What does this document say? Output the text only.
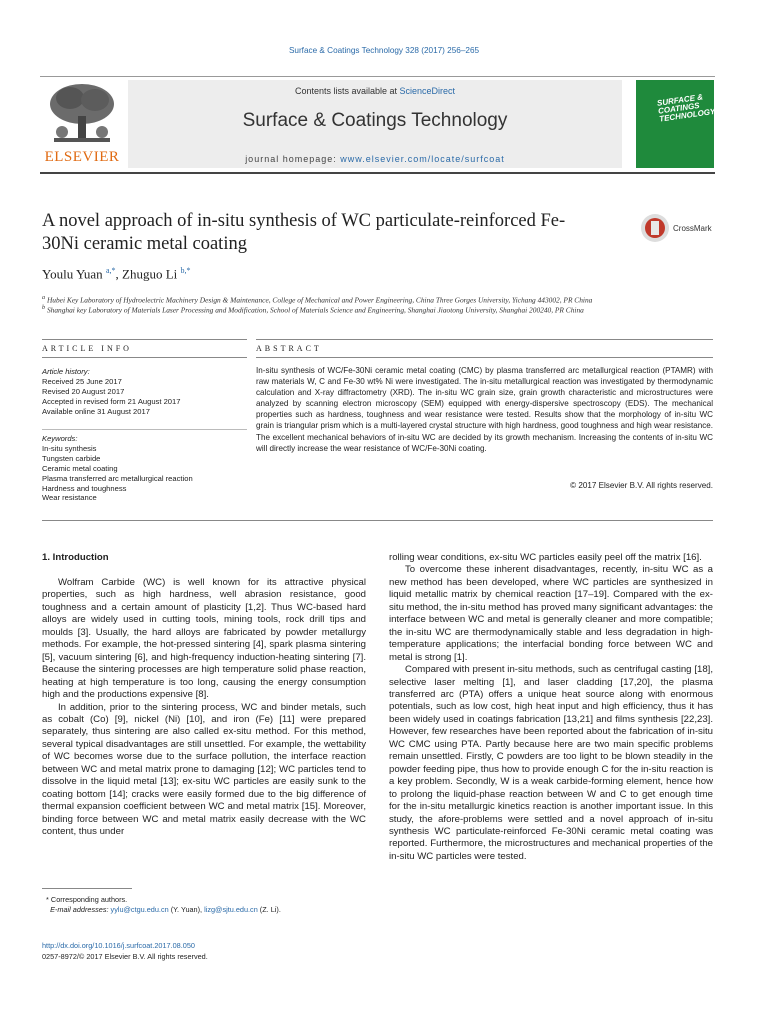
Surface & Coatings Technology 328 (2017) 256–265
ELSEVIER
Contents lists available at ScienceDirect
Surface & Coatings Technology
journal homepage: www.elsevier.com/locate/surfcoat
SURFACE & COATINGS TECHNOLOGY
A novel approach of in-situ synthesis of WC particulate-reinforced Fe-30Ni ceramic metal coating
CrossMark
Youlu Yuan $^{a,*}$, Zhuguo Li $^{b,*}$
$^a$ Hubei Key Laboratory of Hydroelectric Machinery Design & Maintenance, College of Mechanical and Power Engineering, China Three Gorges University, Yichang 443002, PR China
$^b$ Shanghai key Laboratory of Materials Laser Processing and Modification, School of Materials Science and Engineering, Shanghai Jiaotong University, Shanghai 200240, PR China
ARTICLE INFO	ABSTRACT
Article history:
Received 25 June 2017
Revised 20 August 2017
Accepted in revised form 21 August 2017
Available online 31 August 2017
Keywords:
In-situ synthesis
Tungsten carbide
Ceramic metal coating
Plasma transferred arc metallurgical reaction
Hardness and toughness
Wear resistance
In-situ synthesis of WC/Fe-30Ni ceramic metal coating (CMC) by plasma transferred arc metallurgical reaction (PTAMR) with raw materials W, C and Fe-30 wt% Ni were investigated. The in-situ metallurgical reaction was investigated by thermodynamic calculation and X-ray diffractometry (XRD). The in-situ WC grain size, grain growth characteristic and microstructures were analyzed by scanning electron microscopy (SEM) equipped with energy-dispersive spectroscopy (EDS). The mechanical properties such as hardness, toughness and wear resistance were tested. Results show that the morphology of in-situ WC grain is triangular prism which is a multi-layered crystal structure with high hardness, good toughness and high wear resistance. The excellent mechanical behaviors of in-situ WC are decided by its growth mechanism. Increasing the contents of in-situ WC will directly increase the wear resistance of WC/Fe-30Ni coating.
© 2017 Elsevier B.V. All rights reserved.
1. Introduction

Wolfram Carbide (WC) is well known for its attractive physical properties, such as high hardness, well abrasion resistance, good toughness and a certain amount of plasticity [1,2]. Thus WC-based hard alloys are widely used in cutting tools, mining tools, rock drill tips and moulds [3]. Usually, the hard alloys are fabricated by powder metallurgy methods. For example, the hot-pressed sintering [4], spark plasma sintering [5], vacuum sintering [6], and high-frequency induction-heating sintering [7]. Because the sintering processes are high temperature solid phase reaction, heating at high temperature is too long, causing the energy consumption high and the productions expensive [8].

In addition, prior to the sintering process, WC and binder metals, such as cobalt (Co) [9], nickel (Ni) [10], and iron (Fe) [11] were prepared separately, thus sintering are also called ex-situ method. For this method, several typical disadvantages are still unsettled. For example, the wettability of WC becomes worse due to the surface pollution, the interface reaction between WC and metal matrix prone to damaging [12]; WC particles tend to dissolve in the liquid metal [13]; ex-situ WC particles are easily sunk to the coating bottom [14]; cracks were easily formed due to the big difference of thermal expansion coefficient between WC and metal matrix [15]. Moreover, binding force between WC and metal matrix easily decrease with the WC content, thus under

rolling wear conditions, ex-situ WC particles easily peel off the matrix [16].

To overcome these inherent disadvantages, recently, in-situ WC as a new method has been developed, where WC particles are synthesized in liquid metallic matrix by chemical reaction [17–19]. Compared with the ex-situ method, the in-situ method has proved many significant advantages: the interface between WC and metal is generally cleaner and more compatible; the in-situ WC are thermodynamically stable and less degradation in high-temperature applications; the interfacial bonding force between WC and metal is strong [1].

Compared with present in-situ methods, such as centrifugal casting [18], selective laser melting [1], and laser cladding [17,20], the plasma transferred arc (PTA) offers a unique heat source along with enormous potentials, such as low cost, high heat input and high efficiency, thus it has been widely used in coatings fabrication [13,21] and films synthesis [22,23]. However, few researches have been reported about the fabrication of in-situ WC CMC using PTA. Partly because here are two main specific problems remain unsettled. Firstly, C powders are too light to be blown steadily in the powder feeding pipe, thus how to provide enough C for the in-situ reaction is a key problem. Secondly, W is a weak carbide-forming element, hence how to prolong the liquid-phase reaction between W and C to get enough time for the in-situ metallurgic kinetics reaction is another important issue. In this study, the afore-problems were settled and a novel approach of in-situ synthesis WC particulate-reinforced Fe-30Ni ceramic metal coating was reported. Furthermore, the microstructures and mechanical properties of the in-situ WC particles were tested.

* Corresponding authors.
E-mail addresses: yylu@ctgu.edu.cn (Y. Yuan), lizg@sjtu.edu.cn (Z. Li).
http://dx.doi.org/10.1016/j.surfcoat.2017.08.050
0257-8972/© 2017 Elsevier B.V. All rights reserved.
